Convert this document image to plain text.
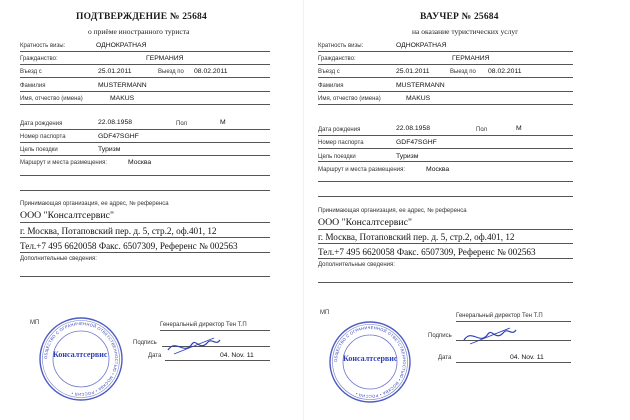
ПОДТВЕРЖДЕНИЕ № 25684
о приёме иностранного туриста
Кратность визы:	ОДНОКРАТНАЯ
Гражданство:	ГЕРМАНИЯ
Въезд с	25.01.2011	Выезд по 08.02.2011
Фамилия	MUSTERMANN
Имя, отчество (имена)	MAKUS
Дата рождения	22.08.1958	Пол	М
Номер паспорта	GDF47SGHF
Цель поездки	Туризм
Маршрут и места размещения:	Москва
Принимающая организация, ее адрес, № референса
ООО "Консалтсервис"
г. Москва, Потаповский пер. д. 5, стр.2, оф.401, 12
Тел.+7 495 6620058 Факс. 6507309, Референс № 002563
Дополнительные сведения:
МП
ОБЩЕСТВО С ОГРАНИЧЕННОЙ ОТВЕТСТВЕННОСТЬЮ • МОСКВА • РОССИЯ •
Консалтсервис
Генеральный директор Тен Т.П
Подпись
Дата	04. Nov. 11
ВАУЧЕР № 25684
на оказание туристических услуг
Кратность визы:	ОДНОКРАТНАЯ
Гражданство:	ГЕРМАНИЯ
Въезд с	25.01.2011	Выезд по 08.02.2011
Фамилия	MUSTERMANN
Имя, отчество (имена)	MAKUS
Дата рождения	22.08.1958	Пол	М
Номер паспорта	GDF47SGHF
Цель поездки	Туризм
Маршрут и места размещения:	Москва
Принимающая организация, ее адрес, № референса
ООО "Консалтсервис"
г. Москва, Потаповский пер. д. 5, стр.2, оф.401, 12
Тел.+7 495 6620058 Факс. 6507309, Референс № 002563
Дополнительные сведения:
МП
ОБЩЕСТВО С ОГРАНИЧЕННОЙ ОТВЕТСТВЕННОСТЬЮ • МОСКВА • РОССИЯ •
Консалтсервис
Генеральный директор Тен Т.П
Подпись
Дата	04. Nov. 11
